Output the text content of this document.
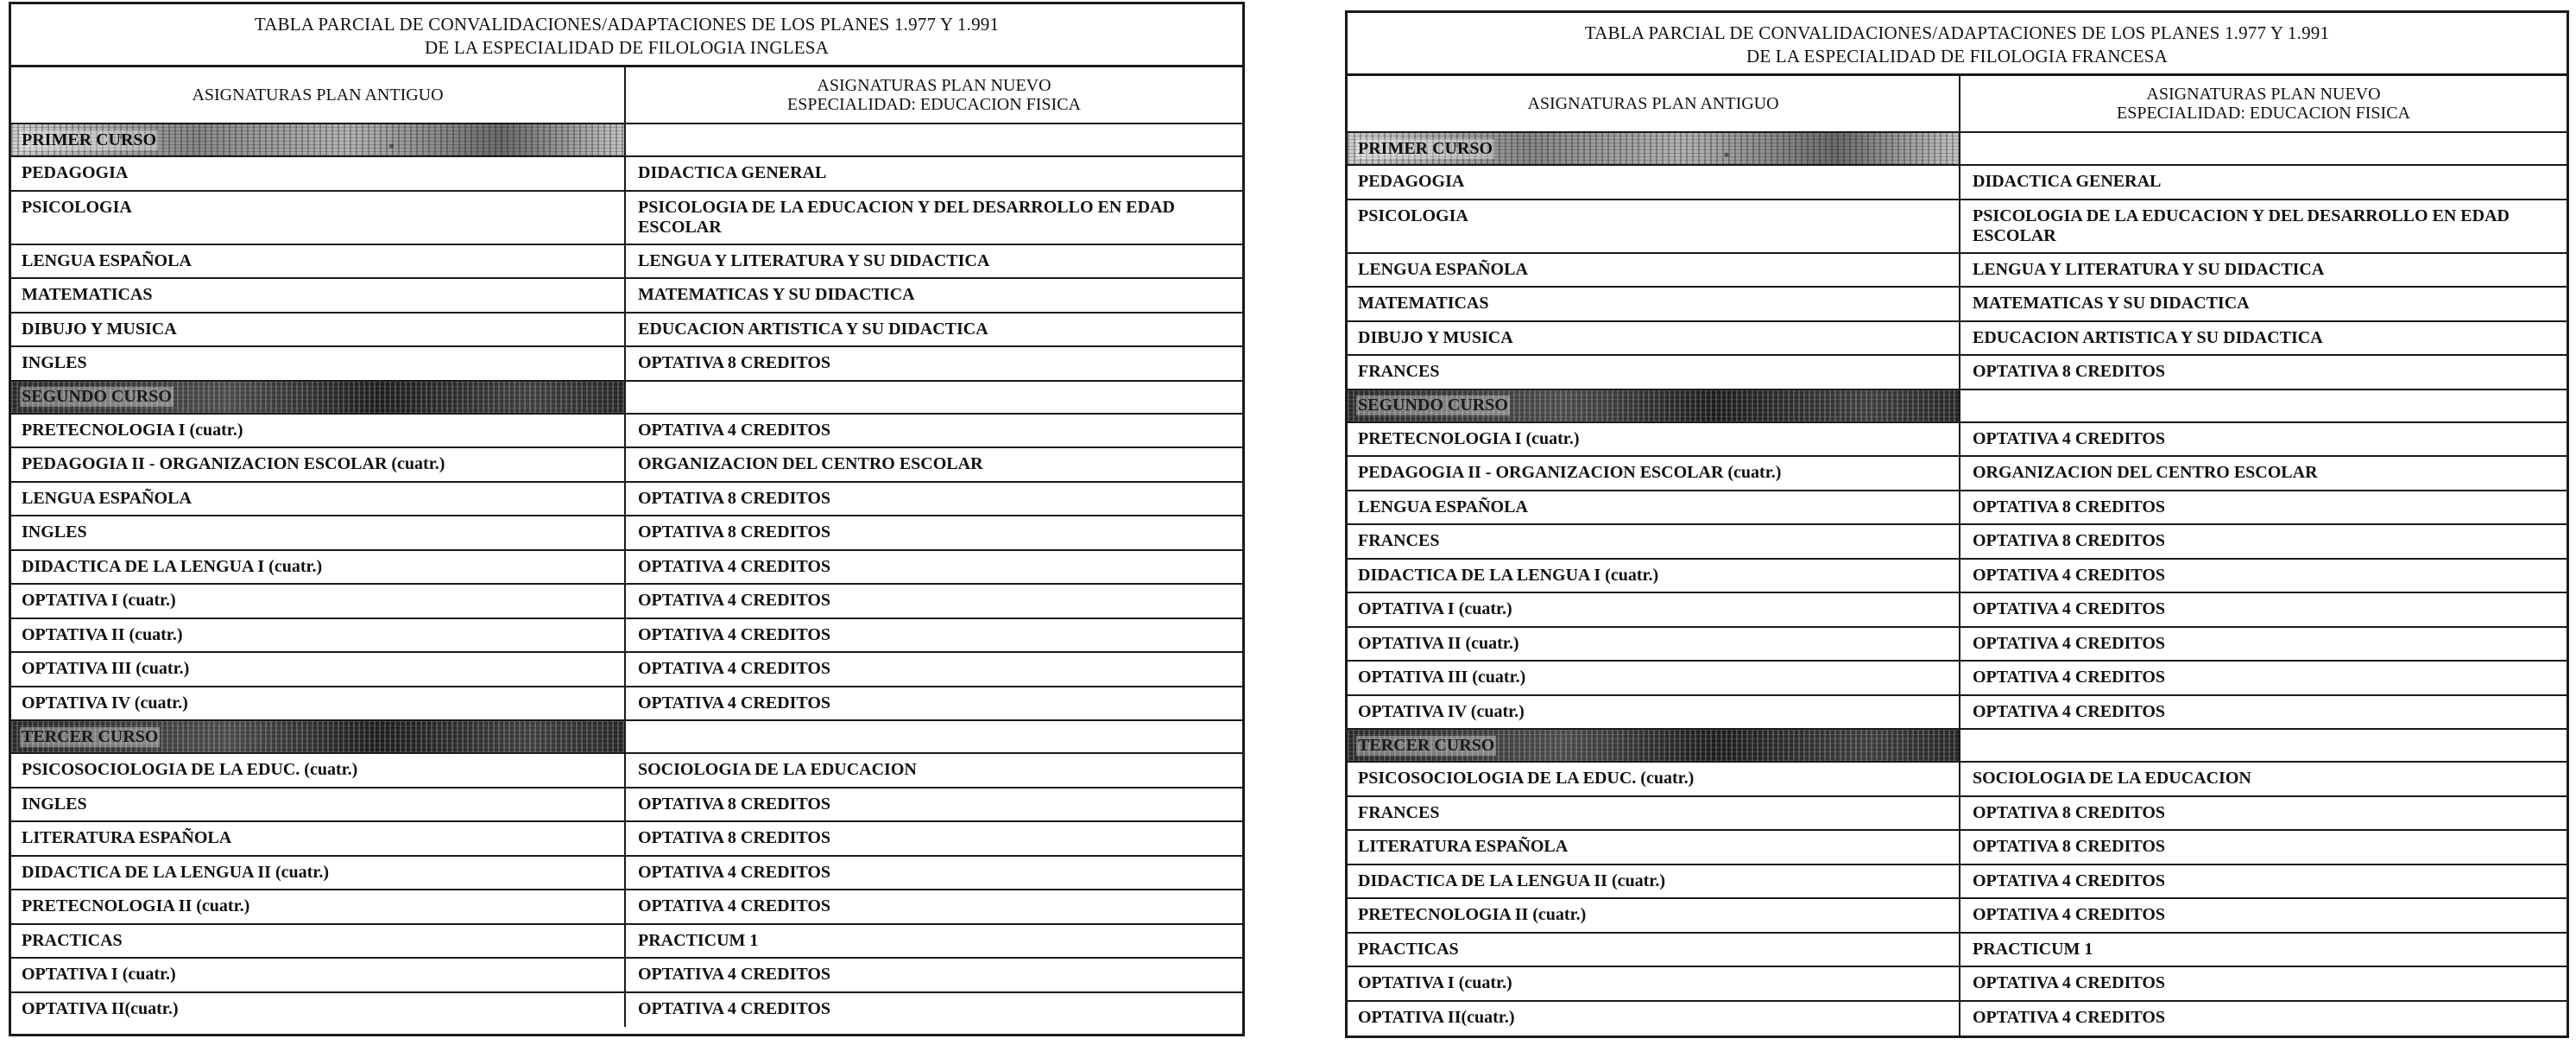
TABLA PARCIAL DE CONVALIDACIONES/ADAPTACIONES DE LOS PLANES 1.977 Y 1.991
DE LA ESPECIALIDAD DE FILOLOGIA INGLESA
ASIGNATURAS PLAN ANTIGUO	ASIGNATURAS PLAN NUEVO
ESPECIALIDAD: EDUCACION FISICA
PRIMER CURSO
PEDAGOGIA	DIDACTICA GENERAL
PSICOLOGIA	PSICOLOGIA DE LA EDUCACION Y DEL DESARROLLO EN EDAD ESCOLAR
LENGUA ESPAÑOLA	LENGUA Y LITERATURA Y SU DIDACTICA
MATEMATICAS	MATEMATICAS Y SU DIDACTICA
DIBUJO Y MUSICA	EDUCACION ARTISTICA Y SU DIDACTICA
INGLES	OPTATIVA 8 CREDITOS
SEGUNDO CURSO
PRETECNOLOGIA I (cuatr.)	OPTATIVA 4 CREDITOS
PEDAGOGIA II - ORGANIZACION ESCOLAR (cuatr.)	ORGANIZACION DEL CENTRO ESCOLAR
LENGUA ESPAÑOLA	OPTATIVA 8 CREDITOS
INGLES	OPTATIVA 8 CREDITOS
DIDACTICA DE LA LENGUA I (cuatr.)	OPTATIVA 4 CREDITOS
OPTATIVA I (cuatr.)	OPTATIVA 4 CREDITOS
OPTATIVA II (cuatr.)	OPTATIVA 4 CREDITOS
OPTATIVA III (cuatr.)	OPTATIVA 4 CREDITOS
OPTATIVA IV (cuatr.)	OPTATIVA 4 CREDITOS
TERCER CURSO
PSICOSOCIOLOGIA DE LA EDUC. (cuatr.)	SOCIOLOGIA DE LA EDUCACION
INGLES	OPTATIVA 8 CREDITOS
LITERATURA ESPAÑOLA	OPTATIVA 8 CREDITOS
DIDACTICA DE LA LENGUA II (cuatr.)	OPTATIVA 4 CREDITOS
PRETECNOLOGIA II (cuatr.)	OPTATIVA 4 CREDITOS
PRACTICAS	PRACTICUM 1
OPTATIVA I (cuatr.)	OPTATIVA 4 CREDITOS
OPTATIVA II(cuatr.)	OPTATIVA 4 CREDITOS
TABLA PARCIAL DE CONVALIDACIONES/ADAPTACIONES DE LOS PLANES 1.977 Y 1.991
DE LA ESPECIALIDAD DE FILOLOGIA FRANCESA
ASIGNATURAS PLAN ANTIGUO	ASIGNATURAS PLAN NUEVO
ESPECIALIDAD: EDUCACION FISICA
PRIMER CURSO
PEDAGOGIA	DIDACTICA GENERAL
PSICOLOGIA	PSICOLOGIA DE LA EDUCACION Y DEL DESARROLLO EN EDAD ESCOLAR
LENGUA ESPAÑOLA	LENGUA Y LITERATURA Y SU DIDACTICA
MATEMATICAS	MATEMATICAS Y SU DIDACTICA
DIBUJO Y MUSICA	EDUCACION ARTISTICA Y SU DIDACTICA
FRANCES	OPTATIVA 8 CREDITOS
SEGUNDO CURSO
PRETECNOLOGIA I (cuatr.)	OPTATIVA 4 CREDITOS
PEDAGOGIA II - ORGANIZACION ESCOLAR (cuatr.)	ORGANIZACION DEL CENTRO ESCOLAR
LENGUA ESPAÑOLA	OPTATIVA 8 CREDITOS
FRANCES	OPTATIVA 8 CREDITOS
DIDACTICA DE LA LENGUA I (cuatr.)	OPTATIVA 4 CREDITOS
OPTATIVA I (cuatr.)	OPTATIVA 4 CREDITOS
OPTATIVA II (cuatr.)	OPTATIVA 4 CREDITOS
OPTATIVA III (cuatr.)	OPTATIVA 4 CREDITOS
OPTATIVA IV (cuatr.)	OPTATIVA 4 CREDITOS
TERCER CURSO
PSICOSOCIOLOGIA DE LA EDUC. (cuatr.)	SOCIOLOGIA DE LA EDUCACION
FRANCES	OPTATIVA 8 CREDITOS
LITERATURA ESPAÑOLA	OPTATIVA 8 CREDITOS
DIDACTICA DE LA LENGUA II (cuatr.)	OPTATIVA 4 CREDITOS
PRETECNOLOGIA II (cuatr.)	OPTATIVA 4 CREDITOS
PRACTICAS	PRACTICUM 1
OPTATIVA I (cuatr.)	OPTATIVA 4 CREDITOS
OPTATIVA II(cuatr.)	OPTATIVA 4 CREDITOS
